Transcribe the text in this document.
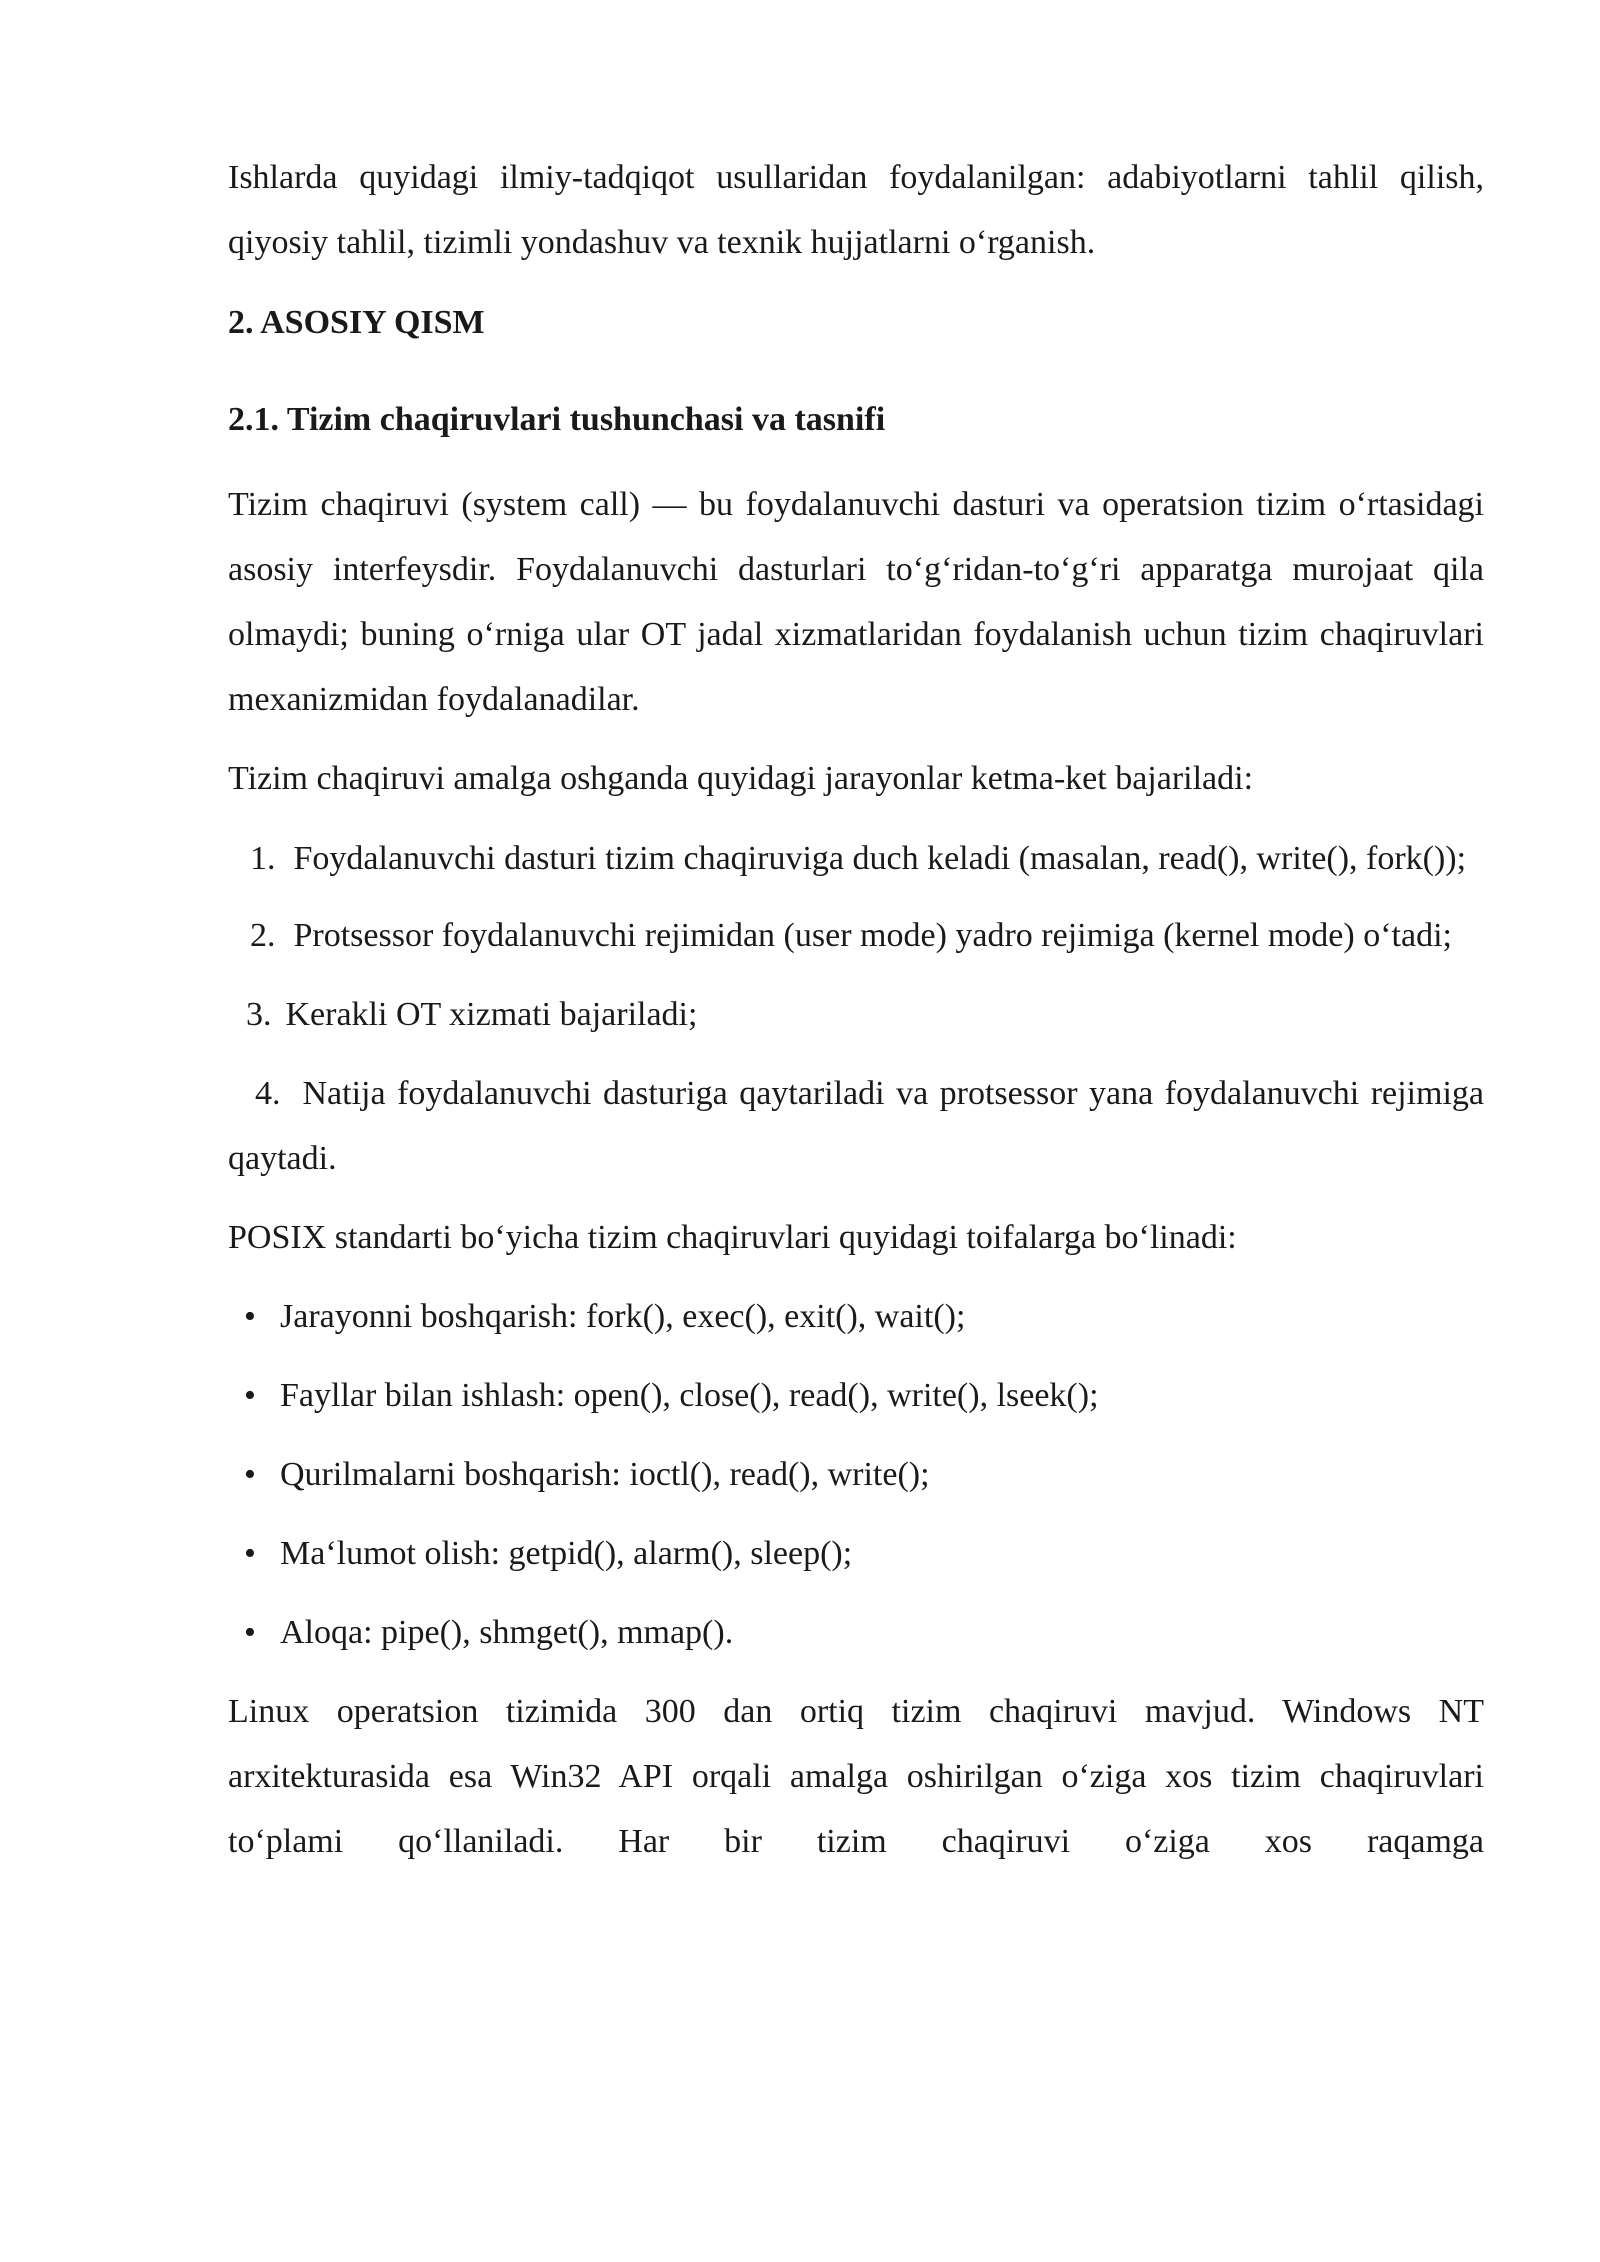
Ishlarda quyidagi ilmiy-tadqiqot usullaridan foydalanilgan: adabiyotlarni tahlil qilish, qiyosiy tahlil, tizimli yondashuv va texnik hujjatlarni o‘rganish.

2. ASOSIY QISM

2.1. Tizim chaqiruvlari tushunchasi va tasnifi

Tizim chaqiruvi (system call) — bu foydalanuvchi dasturi va operatsion tizim o‘rtasidagi asosiy interfeysdir. Foydalanuvchi dasturlari to‘g‘ridan-to‘g‘ri apparatga murojaat qila olmaydi; buning o‘rniga ular OT jadal xizmatlaridan foydalanish uchun tizim chaqiruvlari mexanizmidan foydalanadilar.

Tizim chaqiruvi amalga oshganda quyidagi jarayonlar ketma-ket bajariladi:

1. Foydalanuvchi dasturi tizim chaqiruviga duch keladi (masalan, read(), write(), fork());

2. Protsessor foydalanuvchi rejimidan (user mode) yadro rejimiga (kernel mode) o‘tadi;

3. Kerakli OT xizmati bajariladi;

4. Natija foydalanuvchi dasturiga qaytariladi va protsessor yana foydalanuvchi rejimiga qaytadi.

POSIX standarti bo‘yicha tizim chaqiruvlari quyidagi toifalarga bo‘linadi:

• Jarayonni boshqarish: fork(), exec(), exit(), wait();
• Fayllar bilan ishlash: open(), close(), read(), write(), lseek();
• Qurilmalarni boshqarish: ioctl(), read(), write();
• Ma‘lumot olish: getpid(), alarm(), sleep();
• Aloqa: pipe(), shmget(), mmap().

Linux operatsion tizimida 300 dan ortiq tizim chaqiruvi mavjud. Windows NT arxitekturasida esa Win32 API orqali amalga oshirilgan o‘ziga xos tizim chaqiruvlari to‘plami qo‘llaniladi. Har bir tizim chaqiruvi o‘ziga xos raqamga
